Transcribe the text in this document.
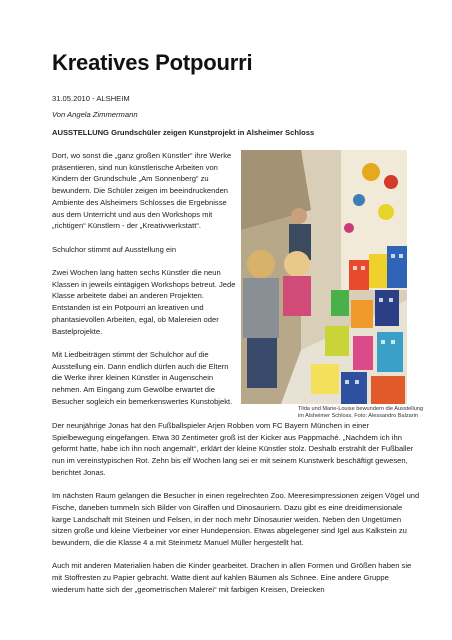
Kreatives Potpourri
31.05.2010 - ALSHEIM
Von Angela Zimmermann
AUSSTELLUNG Grundschüler zeigen Kunstprojekt in Alsheimer Schloss

Dort, wo sonst die „ganz großen Künstler“ ihre Werke präsentieren, sind nun künstlerische Arbeiten von Kindern der Grundschule „Am Sonnenberg“ zu bewundern. Die Schüler zeigen im beeindruckenden Ambiente des Alsheimers Schlosses die Ergebnisse aus dem Unterricht und aus den Workshops mit „richtigen“ Künstlern - der „Kreativwerkstatt“.

Schulchor stimmt auf Ausstellung ein

Zwei Wochen lang hatten sechs Künstler die neun Klassen in jeweils eintägigen Workshops betreut. Jede Klasse arbeitete dabei an anderen Projekten. Entstanden ist ein Potpourri an kreativen und phantasievollen Arbeiten, egal, ob Malereien oder Bastelprojekte.

Mit Liedbeiträgen stimmt der Schulchor auf die Ausstellung ein. Dann endlich dürfen auch die Eltern die Werke ihrer kleinen Künstler in Augenschein nehmen. Am Eingang zum Gewölbe erwartet die Besucher sogleich ein bemerkenswertes Kunstobjekt.

Tilda und Marie-Louise bewundern die Ausstellung im Alsheimer Schloss. Foto: Alessandro Balzarin

Der neunjährige Jonas hat den Fußballspieler Arjen Robben vom FC Bayern München in einer Spielbewegung eingefangen. Etwa 30 Zentimeter groß ist der Kicker aus Pappmaché. „Nachdem ich ihn geformt hatte, habe ich ihn noch angemalt“, erklärt der kleine Künstler stolz. Deshalb erstrahlt der Fußballer nun im vereinstypischen Rot. Zehn bis elf Wochen lang sei er mit seinem Kunstwerk beschäftigt gewesen, berichtet Jonas.

Im nächsten Raum gelangen die Besucher in einen regelrechten Zoo. Meeresimpressionen zeigen Vögel und Fische, daneben tummeln sich Bilder von Giraffen und Dinosauriern. Dazu gibt es eine dreidimensionale karge Landschaft mit Steinen und Felsen, in der noch mehr Dinosaurier weiden. Neben den Ungetümen sitzen große und kleine Vierbeiner vor einer Hundepension. Etwas abgelegener sind Igel aus Kalkstein zu bewundern, die die Klasse 4 a mit Steinmetz Manuel Müller hergestellt hat.

Auch mit anderen Materialien haben die Kinder gearbeitet. Drachen in allen Formen und Größen haben sie mit Stoffresten zu Papier gebracht. Watte dient auf kahlen Bäumen als Schnee. Eine andere Gruppe wiederum hatte sich der „geometrischen Malerei“ mit farbigen Kreisen, Dreiecken
